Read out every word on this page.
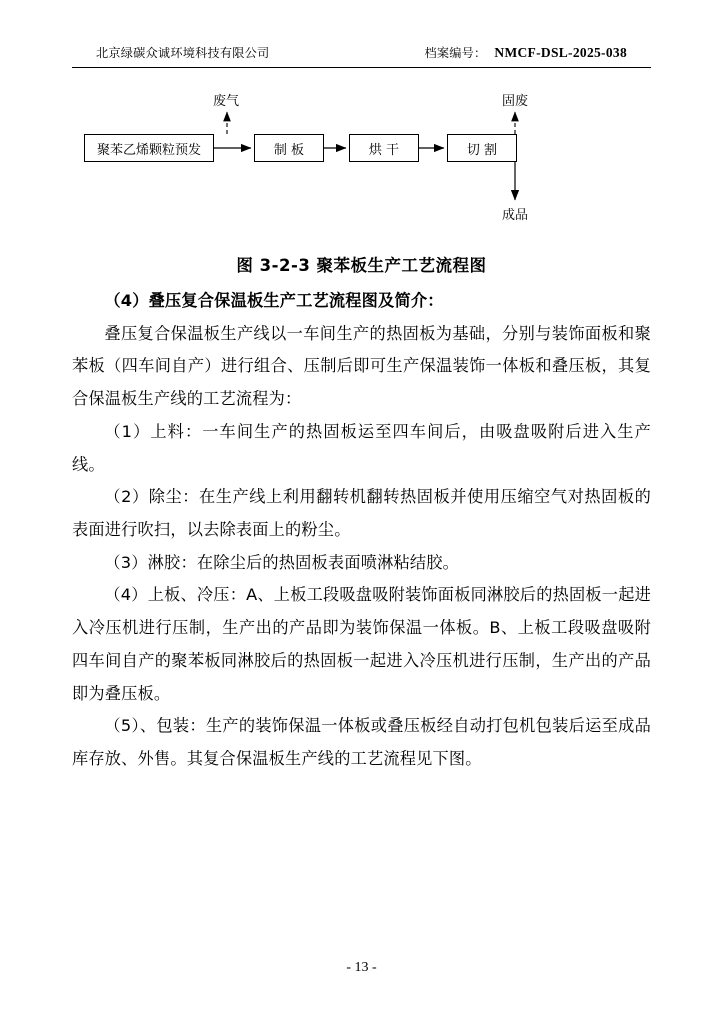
北京绿碳众诚环境科技有限公司	档案编号： NMCF-DSL-2025-038
废气	固废
成品
聚苯乙烯颗粒预发	制 板	烘 干	切 割
图 3-2-3 聚苯板生产工艺流程图

（4）叠压复合保温板生产工艺流程图及简介：

叠压复合保温板生产线以一车间生产的热固板为基础，分别与装饰面板和聚苯板（四车间自产）进行组合、压制后即可生产保温装饰一体板和叠压板，其复合保温板生产线的工艺流程为：

（1）上料：一车间生产的热固板运至四车间后，由吸盘吸附后进入生产线。

（2）除尘：在生产线上利用翻转机翻转热固板并使用压缩空气对热固板的表面进行吹扫，以去除表面上的粉尘。

（3）淋胶：在除尘后的热固板表面喷淋粘结胶。

（4）上板、冷压：A、上板工段吸盘吸附装饰面板同淋胶后的热固板一起进入冷压机进行压制，生产出的产品即为装饰保温一体板。B、上板工段吸盘吸附四车间自产的聚苯板同淋胶后的热固板一起进入冷压机进行压制，生产出的产品即为叠压板。

（5）、包装：生产的装饰保温一体板或叠压板经自动打包机包装后运至成品库存放、外售。其复合保温板生产线的工艺流程见下图。

- 13 -
